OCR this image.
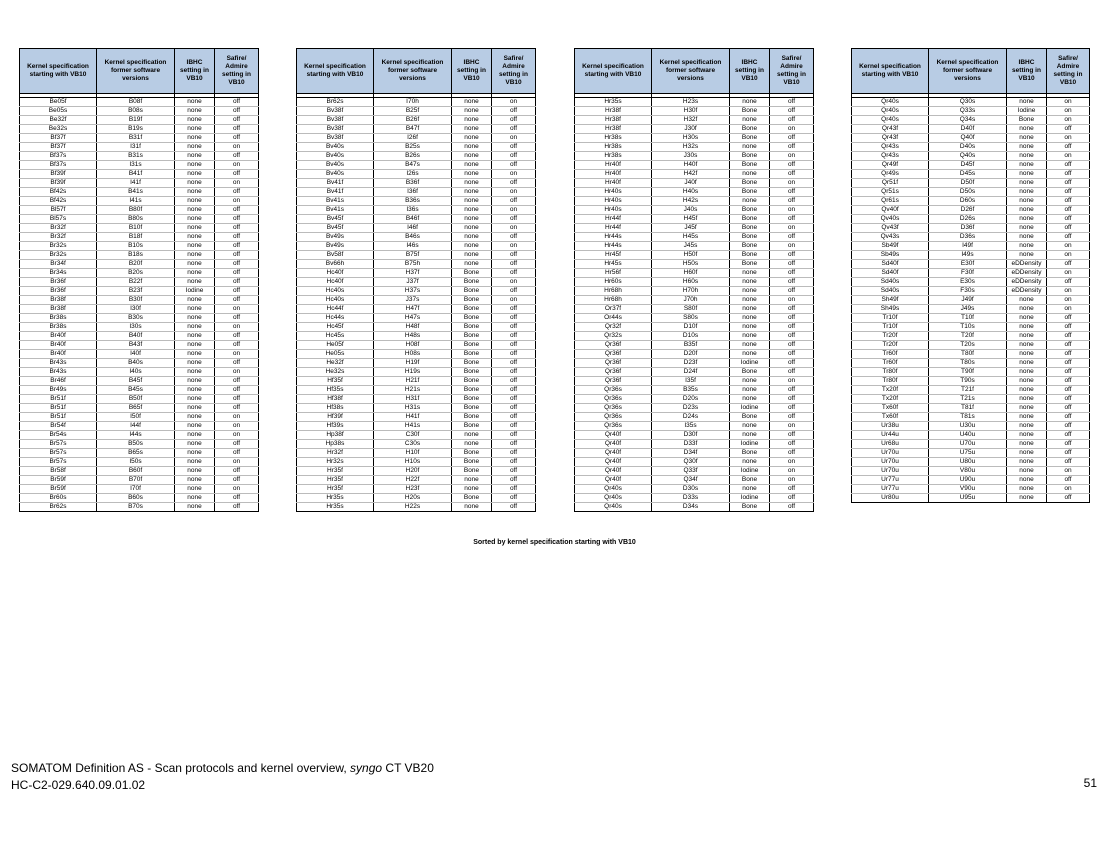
Kernel specification starting with VB10	Kernel specification former software versions	IBHC setting in VB10	Safire/ Admire setting in VB10

Be05f	B08f	none	off
Be05s	B08s	none	off
Be32f	B19f	none	off
Be32s	B19s	none	off
Bf37f	B31f	none	off
Bf37f	I31f	none	on
Bf37s	B31s	none	off
Bf37s	I31s	none	on
Bf39f	B41f	none	off
Bf39f	I41f	none	on
Bf42s	B41s	none	off
Bf42s	I41s	none	on
Bl57f	B80f	none	off
Bl57s	B80s	none	off
Br32f	B10f	none	off
Br32f	B18f	none	off
Br32s	B10s	none	off
Br32s	B18s	none	off
Br34f	B20f	none	off
Br34s	B20s	none	off
Br36f	B22f	none	off
Br36f	B23f	Iodine	off
Br38f	B30f	none	off
Br38f	I30f	none	on
Br38s	B30s	none	off
Br38s	I30s	none	on
Br40f	B40f	none	off
Br40f	B43f	none	off
Br40f	I40f	none	on
Br43s	B40s	none	off
Br43s	I40s	none	on
Br46f	B45f	none	off
Br49s	B45s	none	off
Br51f	B50f	none	off
Br51f	B65f	none	off
Br51f	I50f	none	on
Br54f	I44f	none	on
Br54s	I44s	none	on
Br57s	B50s	none	off
Br57s	B65s	none	off
Br57s	I50s	none	on
Br58f	B60f	none	off
Br59f	B70f	none	off
Br59f	I70f	none	on
Br60s	B60s	none	off
Br62s	B70s	none	off
Kernel specification starting with VB10	Kernel specification former software versions	IBHC setting in VB10	Safire/ Admire setting in VB10

Br62s	I70h	none	on
Bv38f	B25f	none	off
Bv38f	B26f	none	off
Bv38f	B47f	none	off
Bv38f	I26f	none	on
Bv40s	B25s	none	off
Bv40s	B26s	none	off
Bv40s	B47s	none	off
Bv40s	I26s	none	on
Bv41f	B36f	none	off
Bv41f	I36f	none	on
Bv41s	B36s	none	off
Bv41s	I36s	none	on
Bv45f	B46f	none	off
Bv45f	I46f	none	on
Bv49s	B46s	none	off
Bv49s	I46s	none	on
Bv58f	B75f	none	off
Bv66h	B75h	none	off
Hc40f	H37f	Bone	off
Hc40f	J37f	Bone	on
Hc40s	H37s	Bone	off
Hc40s	J37s	Bone	on
Hc44f	H47f	Bone	off
Hc44s	H47s	Bone	off
Hc45f	H48f	Bone	off
Hc45s	H48s	Bone	off
He05f	H08f	Bone	off
He05s	H08s	Bone	off
He32f	H19f	Bone	off
He32s	H19s	Bone	off
Hf35f	H21f	Bone	off
Hf35s	H21s	Bone	off
Hf38f	H31f	Bone	off
Hf38s	H31s	Bone	off
Hf39f	H41f	Bone	off
Hf39s	H41s	Bone	off
Hp38f	C30f	none	off
Hp38s	C30s	none	off
Hr32f	H10f	Bone	off
Hr32s	H10s	Bone	off
Hr35f	H20f	Bone	off
Hr35f	H22f	none	off
Hr35f	H23f	none	off
Hr35s	H20s	Bone	off
Hr35s	H22s	none	off
Kernel specification starting with VB10	Kernel specification former software versions	IBHC setting in VB10	Safire/ Admire setting in VB10

Hr35s	H23s	none	off
Hr38f	H30f	Bone	off
Hr38f	H32f	none	off
Hr38f	J30f	Bone	on
Hr38s	H30s	Bone	off
Hr38s	H32s	none	off
Hr38s	J30s	Bone	on
Hr40f	H40f	Bone	off
Hr40f	H42f	none	off
Hr40f	J40f	Bone	on
Hr40s	H40s	Bone	off
Hr40s	H42s	none	off
Hr40s	J40s	Bone	on
Hr44f	H45f	Bone	off
Hr44f	J45f	Bone	on
Hr44s	H45s	Bone	off
Hr44s	J45s	Bone	on
Hr45f	H50f	Bone	off
Hr45s	H50s	Bone	off
Hr56f	H60f	none	off
Hr60s	H60s	none	off
Hr68h	H70h	none	off
Hr68h	J70h	none	on
Or37f	S80f	none	off
Or44s	S80s	none	off
Qr32f	D10f	none	off
Qr32s	D10s	none	off
Qr36f	B35f	none	off
Qr36f	D20f	none	off
Qr36f	D23f	Iodine	off
Qr36f	D24f	Bone	off
Qr36f	I35f	none	on
Qr36s	B35s	none	off
Qr36s	D20s	none	off
Qr36s	D23s	Iodine	off
Qr36s	D24s	Bone	off
Qr36s	I35s	none	on
Qr40f	D30f	none	off
Qr40f	D33f	Iodine	off
Qr40f	D34f	Bone	off
Qr40f	Q30f	none	on
Qr40f	Q33f	Iodine	on
Qr40f	Q34f	Bone	on
Qr40s	D30s	none	off
Qr40s	D33s	Iodine	off
Qr40s	D34s	Bone	off
Kernel specification starting with VB10	Kernel specification former software versions	IBHC setting in VB10	Safire/ Admire setting in VB10

Qr40s	Q30s	none	on
Qr40s	Q33s	Iodine	on
Qr40s	Q34s	Bone	on
Qr43f	D40f	none	off
Qr43f	Q40f	none	on
Qr43s	D40s	none	off
Qr43s	Q40s	none	on
Qr49f	D45f	none	off
Qr49s	D45s	none	off
Qr51f	D50f	none	off
Qr51s	D50s	none	off
Qr61s	D60s	none	off
Qv40f	D26f	none	off
Qv40s	D26s	none	off
Qv43f	D36f	none	off
Qv43s	D36s	none	off
Sb49f	I49f	none	on
Sb49s	I49s	none	on
Sd40f	E30f	eDDensity	off
Sd40f	F30f	eDDensity	on
Sd40s	E30s	eDDensity	off
Sd40s	F30s	eDDensity	on
Sh49f	J49f	none	on
Sh49s	J49s	none	on
Tr10f	T10f	none	off
Tr10f	T10s	none	off
Tr20f	T20f	none	off
Tr20f	T20s	none	off
Tr60f	T80f	none	off
Tr60f	T80s	none	off
Tr80f	T90f	none	off
Tr80f	T90s	none	off
Tx20f	T21f	none	off
Tx20f	T21s	none	off
Tx60f	T81f	none	off
Tx60f	T81s	none	off
Ur38u	U30u	none	off
Ur44u	U40u	none	off
Ur68u	U70u	none	off
Ur70u	U75u	none	off
Ur70u	U80u	none	off
Ur70u	V80u	none	on
Ur77u	U90u	none	off
Ur77u	V90u	none	on
Ur80u	U95u	none	off
Sorted by kernel specification starting with VB10
SOMATOM Definition AS - Scan protocols and kernel overview, syngo CT VB20
HC-C2-029.640.09.01.02	51
